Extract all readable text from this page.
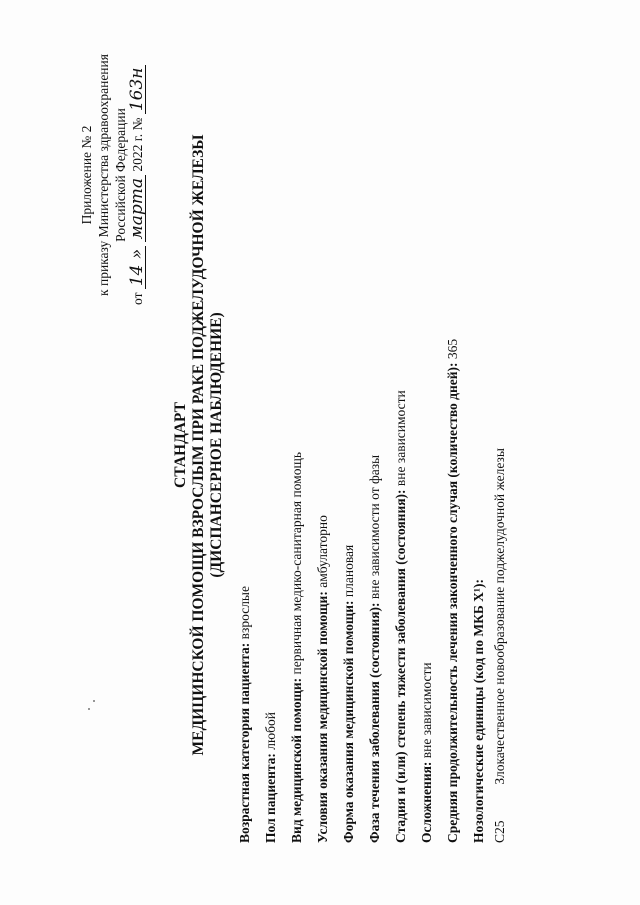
Приложение № 2 к приказу Министерства здравоохранения Российской Федерации
от 14 » марта 2022 г. № 163н
СТАНДАРТ МЕДИЦИНСКОЙ ПОМОЩИ ВЗРОСЛЫМ ПРИ РАКЕ ПОДЖЕЛУДОЧНОЙ ЖЕЛЕЗЫ (ДИСПАНСЕРНОЕ НАБЛЮДЕНИЕ)
Возрастная категория пациента: взрослые
Пол пациента: любой Вид медицинской помощи: первичная медико-санитарная помощь
Условия оказания медицинской помощи: амбулаторно
Форма оказания медицинской помощи: плановая
Фаза течения заболевания (состояния): вне зависимости от фазы Стадия и (или) степень тяжести заболевания (состояния): вне зависимости
Осложнения: вне зависимости Средняя продолжительность лечения законченного случая (количество дней): 365
Нозологические единицы (код по МКБ X¹): C25 Злокачественное новообразование поджелудочной железы
